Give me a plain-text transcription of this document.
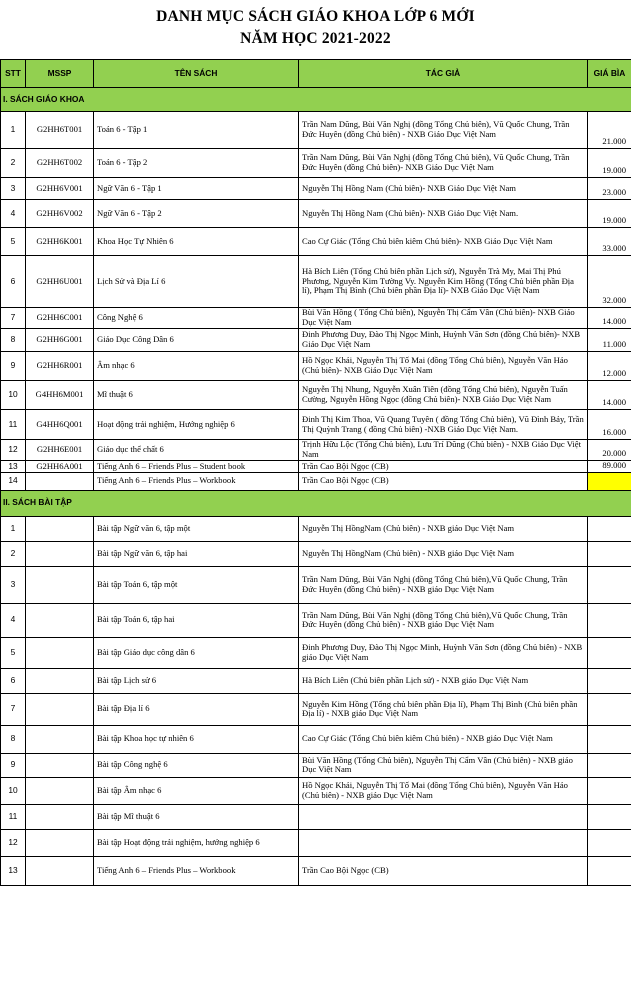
DANH MỤC SÁCH GIÁO KHOA LỚP 6 MỚI
NĂM HỌC 2021-2022
STT	MSSP	TÊN SÁCH	TÁC GIẢ	GIÁ BÌA
I. SÁCH GIÁO KHOA				
1	G2HH6T001	Toán 6 - Tập 1	Trần Nam Dũng, Bùi Văn Nghị (đồng Tổng Chủ biên), Vũ Quốc Chung, Trần Đức Huyên (đồng Chủ biên) - NXB Giáo Dục Việt Nam	21.000
2	G2HH6T002	Toán 6 - Tập 2	Trần Nam Dũng, Bùi Văn Nghị (đồng Tổng Chủ biên), Vũ Quốc Chung, Trần Đức Huyên (đồng Chủ biên)- NXB Giáo Dục Việt Nam	19.000
3	G2HH6V001	Ngữ Văn 6 - Tập 1	Nguyễn Thị Hồng Nam (Chủ biên)- NXB Giáo Dục Việt Nam	23.000
4	G2HH6V002	Ngữ Văn 6 - Tập 2	Nguyễn Thị Hồng Nam (Chủ biên)- NXB Giáo Dục Việt Nam.	19.000
5	G2HH6K001	Khoa Học Tự Nhiên 6	Cao Cự Giác (Tổng Chủ biên kiêm Chủ biên)- NXB Giáo Dục Việt Nam	33.000
6	G2HH6U001	Lịch Sử và Địa Lí 6	Hà Bích Liên (Tổng Chủ biên phần Lịch sử), Nguyễn Trà My, Mai Thị Phú Phương, Nguyễn Kim Tường Vy. Nguyễn Kim Hồng (Tổng Chủ biên phần Địa lí), Phạm Thị Bình (Chủ biên phần Địa lí)- NXB Giáo Dục Việt Nam	32.000
7	G2HH6C001	Công Nghệ 6	Bùi Văn Hồng ( Tổng Chủ biên), Nguyễn Thị Cẩm Vân (Chủ biên)- NXB Giáo Dục Việt Nam	14.000
8	G2HH6G001	Giáo Dục Công Dân 6	Đinh Phương Duy, Đào Thị Ngọc Minh, Huỳnh Văn Sơn (đồng Chủ biên)- NXB Giáo Dục Việt Nam	11.000
9	G2HH6R001	Âm nhạc 6	Hồ Ngọc Khải, Nguyễn Thị Tố Mai (đồng Tổng Chủ biên), Nguyễn Văn Hảo (Chủ biên)- NXB Giáo Dục Việt Nam	12.000
10	G4HH6M001	Mĩ thuật 6	Nguyễn Thị Nhung, Nguyễn Xuân Tiên (đồng Tổng Chủ biên), Nguyễn Tuấn Cường, Nguyễn Hồng Ngọc (đồng Chủ biên)- NXB Giáo Dục Việt Nam	14.000
11	G4HH6Q001	Hoạt động trải nghiệm, Hướng nghiệp 6	Đinh Thị Kim Thoa, Vũ Quang Tuyên ( đồng Tổng Chủ biên), Vũ Đình Bảy, Trần Thị Quỳnh Trang ( đồng Chủ biên) -NXB Giáo Dục Việt Nam.	16.000
12	G2HH6E001	Giáo dục thể chất 6	Trịnh Hữu Lộc (Tổng Chủ biên), Lưu Trí Dũng (Chủ biên) - NXB Giáo Dục Việt Nam	20.000
13	G2HH6A001	Tiếng Anh 6 – Friends Plus – Student book	Trần Cao Bội Ngọc (CB)	89.000
14		Tiếng Anh 6 – Friends Plus – Workbook	Trần Cao Bội Ngọc (CB)	
II. SÁCH BÀI TẬP				
1		Bài tập Ngữ văn 6, tập một	Nguyễn Thị HồngNam (Chủ biên) - NXB giáo Dục Việt Nam	
2		Bài tập Ngữ văn 6, tập hai	Nguyễn Thị HồngNam (Chủ biên) - NXB giáo Dục Việt Nam	
3		Bài tập Toán 6, tập một	Trần Nam Dũng, Bùi Văn Nghị (đồng Tổng Chủ biên),Vũ Quốc Chung, Trần Đức Huyên (đồng Chủ biên) - NXB giáo Dục Việt Nam	
4		Bài tập Toán 6, tập hai	Trần Nam Dũng, Bùi Văn Nghị (đồng Tổng Chủ biên),Vũ Quốc Chung, Trần Đức Huyên (đồng Chủ biên) - NXB giáo Dục Việt Nam	
5		Bài tập Giáo dục công dân 6	Đinh Phương Duy, Đào Thị Ngọc Minh, Huỳnh Văn Sơn (đồng Chủ biên) - NXB giáo Dục Việt Nam	
6		Bài tập Lịch sử 6	Hà Bích Liên (Chủ biên phần Lịch sử) - NXB giáo Dục Việt Nam	
7		Bài tập Địa lí 6	Nguyễn Kim Hồng (Tổng chủ biên phần Địa lí), Phạm Thị Bình (Chủ biên phần Địa lí) - NXB giáo Dục Việt Nam	
8		Bài tập Khoa học tự nhiên 6	Cao Cự Giác (Tổng Chủ biên kiêm Chủ biên) - NXB giáo Dục Việt Nam	
9		Bài tập Công nghệ 6	Bùi Văn Hồng (Tổng Chủ biên), Nguyễn Thị Cẩm Vân (Chủ biên) - NXB giáo Dục Việt Nam	
10		Bài tập Âm nhạc 6	Hồ Ngọc Khải, Nguyễn Thị Tố Mai (đồng Tổng Chủ biên), Nguyễn Văn Hảo (Chủ biên) - NXB giáo Dục Việt Nam	
11		Bài tập Mĩ thuật 6		
12		Bài tập Hoạt động trải nghiệm, hướng nghiệp 6		
13		Tiếng Anh 6 – Friends Plus – Workbook	Trần Cao Bội Ngọc (CB)	
